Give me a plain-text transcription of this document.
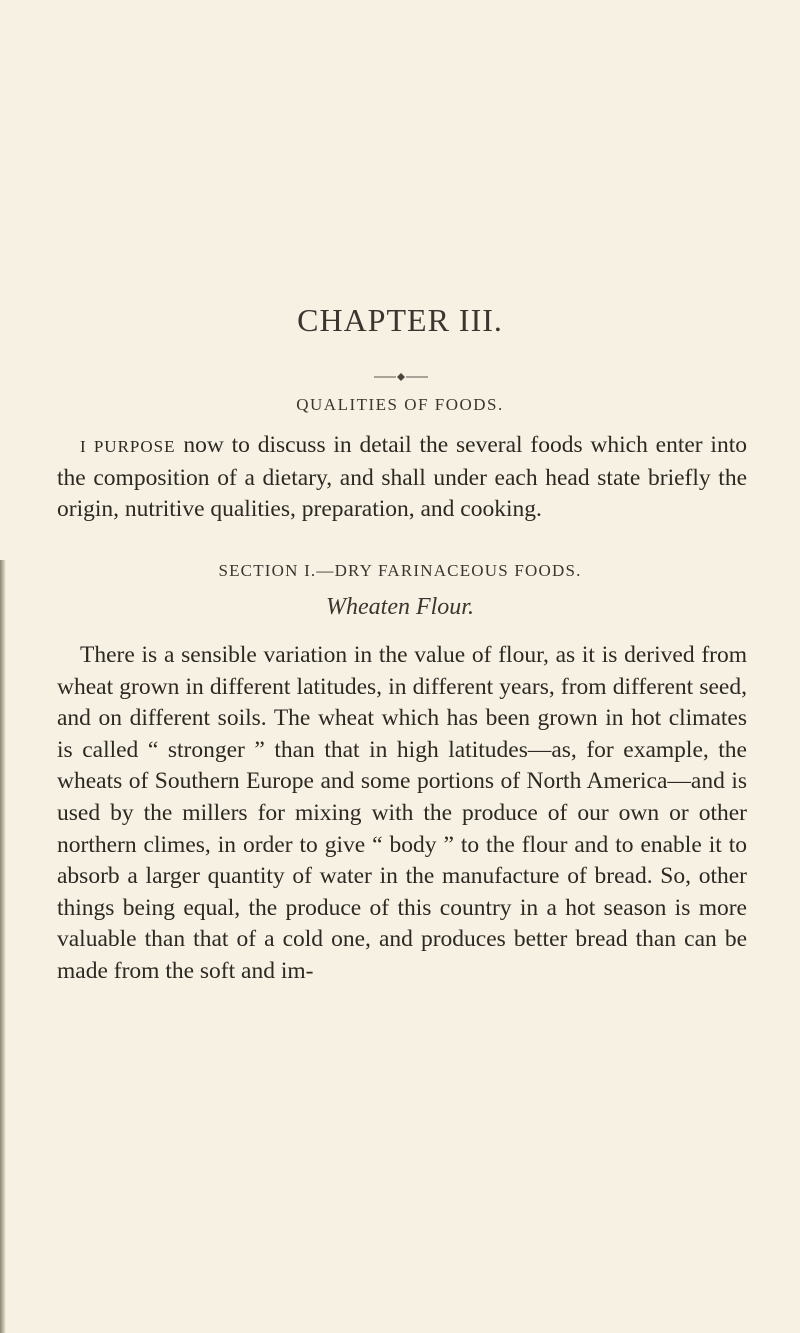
CHAPTER III.
QUALITIES OF FOODS.
I PURPOSE now to discuss in detail the several foods which enter into the composition of a dietary, and shall under each head state briefly the origin, nutritive qualities, preparation, and cooking.
SECTION I.—DRY FARINACEOUS FOODS.
Wheaten Flour.
There is a sensible variation in the value of flour, as it is derived from wheat grown in different latitudes, in different years, from different seed, and on different soils. The wheat which has been grown in hot climates is called “ stronger ” than that in high latitudes—as, for example, the wheats of Southern Europe and some portions of North America—and is used by the millers for mixing with the produce of our own or other northern climes, in order to give “ body ” to the flour and to enable it to absorb a larger quantity of water in the manufacture of bread. So, other things being equal, the produce of this country in a hot season is more valuable than that of a cold one, and produces better bread than can be made from the soft and im-
